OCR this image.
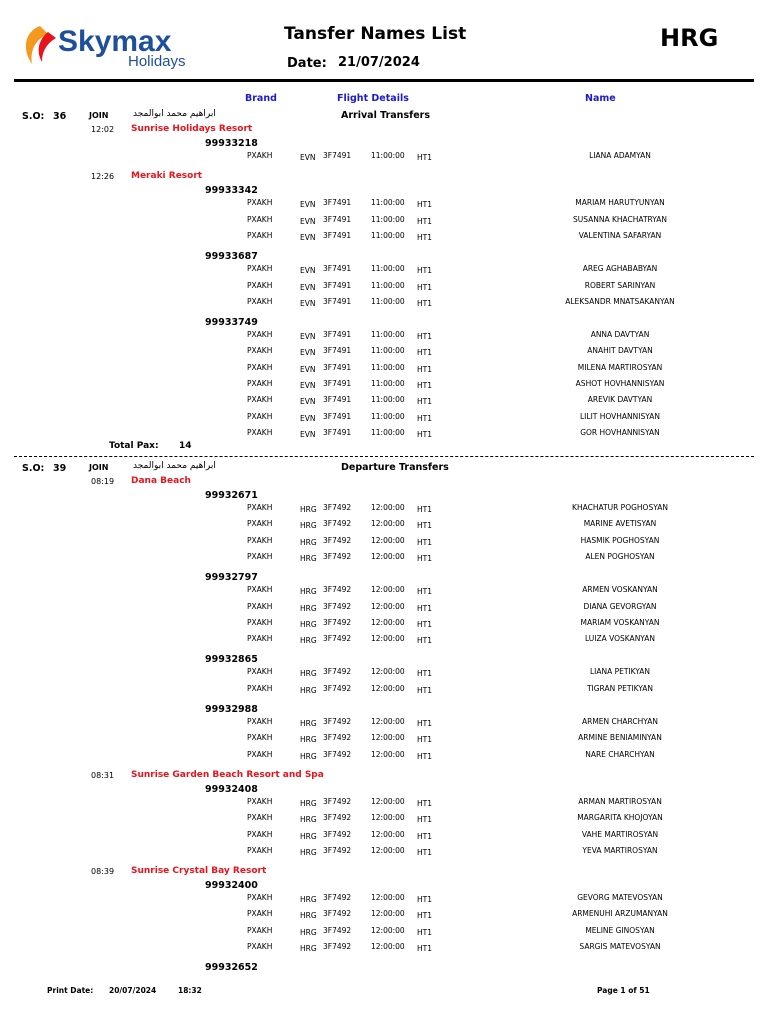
Skymax
Holidays
Tansfer Names List	HRG
Date: 21/07/2024
Brand	Flight Details	Name
S.O: 36	JOIN	ابراهيم محمد ابوالمجد	Arrival Transfers
S.O: 39	JOIN	ابراهيم محمد ابوالمجد	Departure Transfers
Total Pax: 14
12:02 Sunrise Holidays Resort
99933218
PXAKH	EVN 3F7491	11:00:00 HT1	LIANA ADAMYAN
12:26 Meraki Resort
99933342
PXAKH	EVN 3F7491	11:00:00 HT1	MARIAM HARUTYUNYAN
PXAKH	EVN 3F7491	11:00:00 HT1	SUSANNA KHACHATRYAN
PXAKH	EVN 3F7491	11:00:00 HT1	VALENTINA SAFARYAN
99933687
PXAKH	EVN 3F7491	11:00:00 HT1	AREG AGHABABYAN
PXAKH	EVN 3F7491	11:00:00 HT1	ROBERT SARINYAN
PXAKH	EVN 3F7491	11:00:00 HT1	ALEKSANDR MNATSAKANYAN
99933749
PXAKH	EVN 3F7491	11:00:00 HT1	ANNA DAVTYAN
PXAKH	EVN 3F7491	11:00:00 HT1	ANAHIT DAVTYAN
PXAKH	EVN 3F7491	11:00:00 HT1	MILENA MARTIROSYAN
PXAKH	EVN 3F7491	11:00:00 HT1	ASHOT HOVHANNISYAN
PXAKH	EVN 3F7491	11:00:00 HT1	AREVIK DAVTYAN
PXAKH	EVN 3F7491	11:00:00 HT1	LILIT HOVHANNISYAN
PXAKH	EVN 3F7491	11:00:00 HT1	GOR HOVHANNISYAN
08:19 Dana Beach
99932671
PXAKH	HRG 3F7492	12:00:00 HT1	KHACHATUR POGHOSYAN
PXAKH	HRG 3F7492	12:00:00 HT1	MARINE AVETISYAN
PXAKH	HRG 3F7492	12:00:00 HT1	HASMIK POGHOSYAN
PXAKH	HRG 3F7492	12:00:00 HT1	ALEN POGHOSYAN
99932797
PXAKH	HRG 3F7492	12:00:00 HT1	ARMEN VOSKANYAN
PXAKH	HRG 3F7492	12:00:00 HT1	DIANA GEVORGYAN
PXAKH	HRG 3F7492	12:00:00 HT1	MARIAM VOSKANYAN
PXAKH	HRG 3F7492	12:00:00 HT1	LUIZA VOSKANYAN
99932865
PXAKH	HRG 3F7492	12:00:00 HT1	LIANA PETIKYAN
PXAKH	HRG 3F7492	12:00:00 HT1	TIGRAN PETIKYAN
99932988
PXAKH	HRG 3F7492	12:00:00 HT1	ARMEN CHARCHYAN
PXAKH	HRG 3F7492	12:00:00 HT1	ARMINE BENIAMINYAN
PXAKH	HRG 3F7492	12:00:00 HT1	NARE CHARCHYAN
08:31 Sunrise Garden Beach Resort and Spa
99932408
PXAKH	HRG 3F7492	12:00:00 HT1	ARMAN MARTIROSYAN
PXAKH	HRG 3F7492	12:00:00 HT1	MARGARITA KHOJOYAN
PXAKH	HRG 3F7492	12:00:00 HT1	VAHE MARTIROSYAN
PXAKH	HRG 3F7492	12:00:00 HT1	YEVA MARTIROSYAN
08:39 Sunrise Crystal Bay Resort
99932400
PXAKH	HRG 3F7492	12:00:00 HT1	GEVORG MATEVOSYAN
PXAKH	HRG 3F7492	12:00:00 HT1	ARMENUHI ARZUMANYAN
PXAKH	HRG 3F7492	12:00:00 HT1	MELINE GINOSYAN
PXAKH	HRG 3F7492	12:00:00 HT1	SARGIS MATEVOSYAN
99932652
Print Date: 20/07/2024	18:32	Page 1 of 51
